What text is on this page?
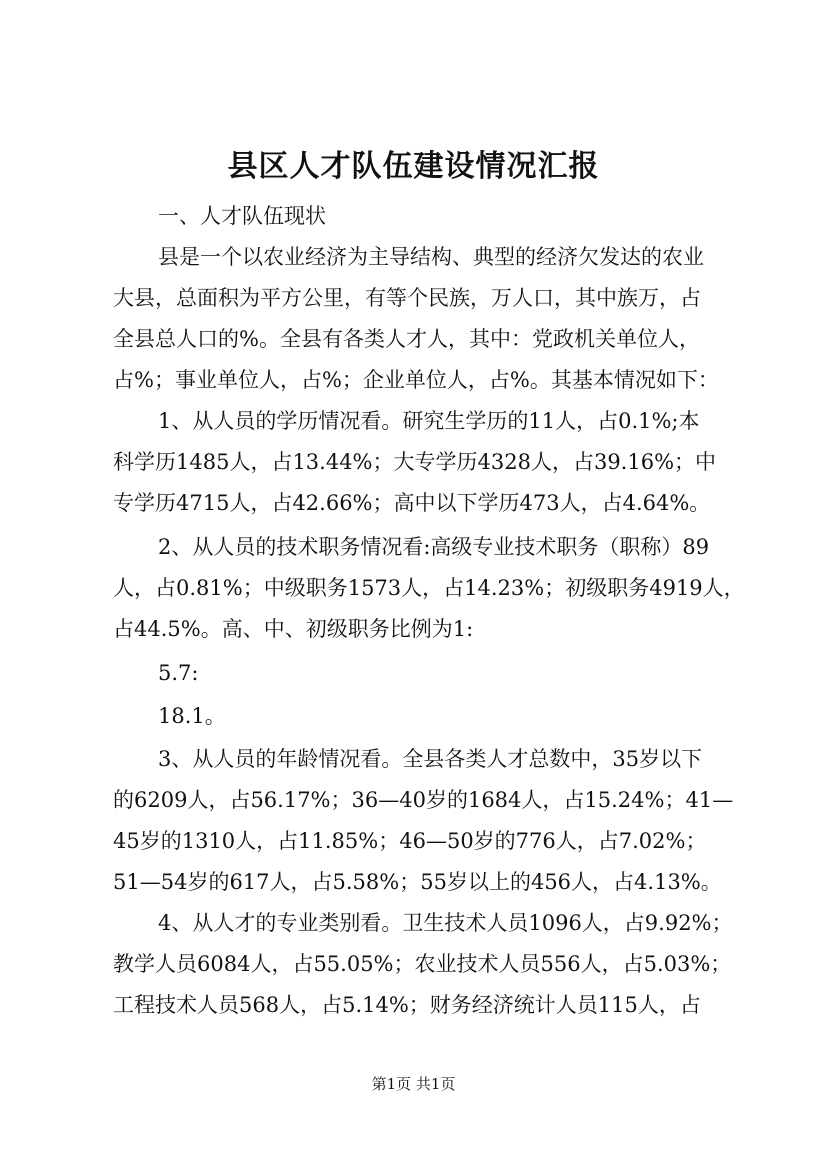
县区人才队伍建设情况汇报
一、人才队伍现状
县是一个以农业经济为主导结构、典型的经济欠发达的农业
大县，总面积为平方公里，有等个民族，万人口，其中族万，占
全县总人口的%。全县有各类人才人，其中：党政机关单位人，
占%；事业单位人，占%；企业单位人，占%。其基本情况如下：
1、从人员的学历情况看。研究生学历的11人，占0.1%;本
科学历1485人，占13.44%；大专学历4328人，占39.16%；中
专学历4715人，占42.66%；高中以下学历473人，占4.64%。
2、从人员的技术职务情况看:高级专业技术职务（职称）89
人，占0.81%；中级职务1573人，占14.23%；初级职务4919人，
占44.5%。高、中、初级职务比例为1:
5.7:
18.1。
3、从人员的年龄情况看。全县各类人才总数中，35岁以下
的6209人，占56.17%；36—40岁的1684人，占15.24%；41—
45岁的1310人，占11.85%；46—50岁的776人，占7.02%；
51—54岁的617人，占5.58%；55岁以上的456人，占4.13%。
4、从人才的专业类别看。卫生技术人员1096人，占9.92%；
教学人员6084人，占55.05%；农业技术人员556人，占5.03%；
工程技术人员568人，占5.14%；财务经济统计人员115人，占
第1页 共1页
